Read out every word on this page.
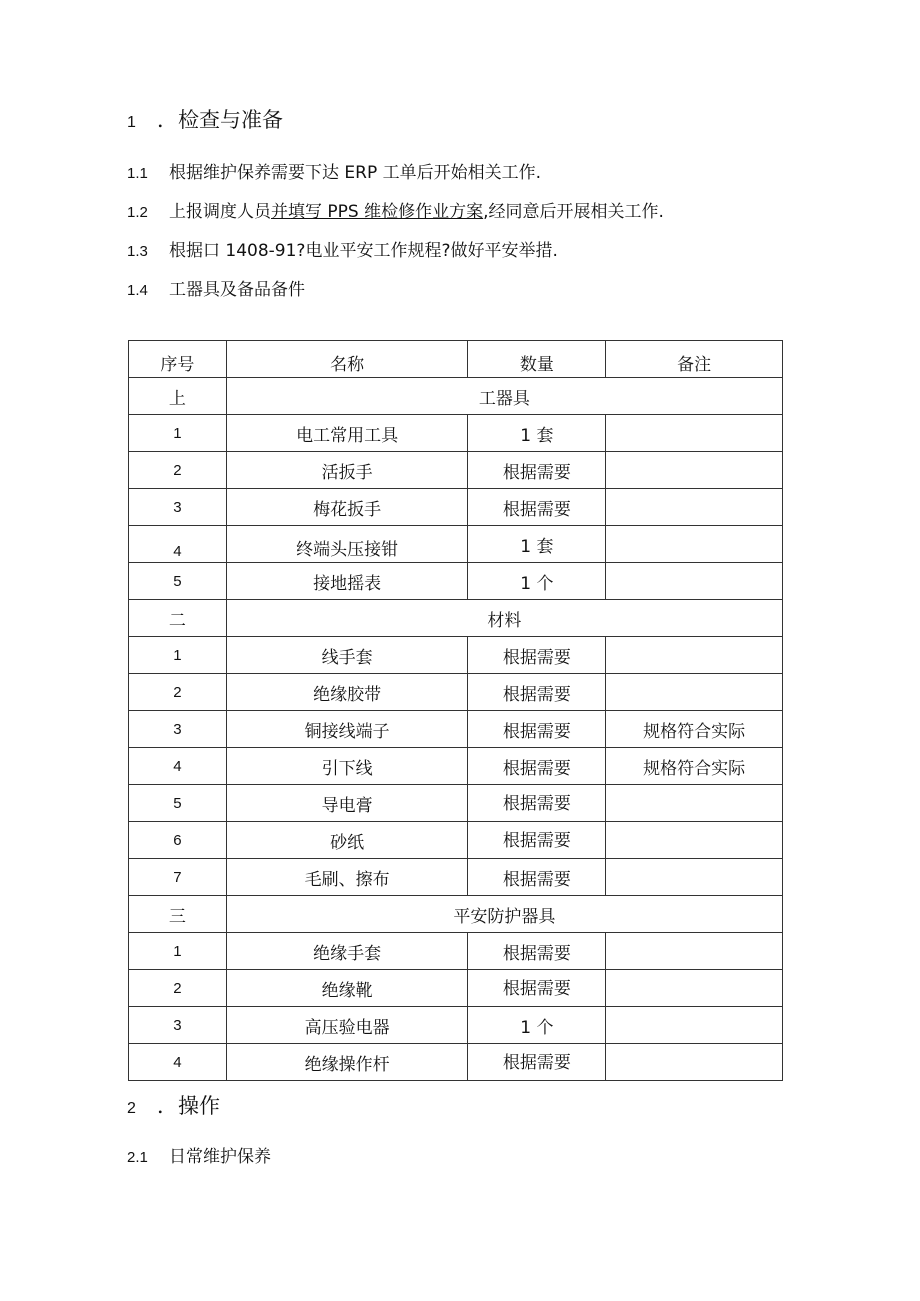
1 ．检查与准备
1.1 根据维护保养需要下达 ERP 工单后开始相关工作.
1.2 上报调度人员并填写 PPS 维检修作业方案,经同意后开展相关工作.
1.3 根据口 1408-91?电业平安工作规程?做好平安举措.
1.4 工器具及备品备件
序号	名称	数量	备注
上	工器具		
1	电工常用工具	1 套	
2	活扳手	根据需要	
3	梅花扳手	根据需要	
4	终端头压接钳	1 套	
5	接地摇表	1 个	
二	材料		
1	线手套	根据需要	
2	绝缘胶带	根据需要	
3	铜接线端子	根据需要	规格符合实际
4	引下线	根据需要	规格符合实际
5	导电膏	根据需要	
6	砂纸	根据需要	
7	毛刷、擦布	根据需要	
三	平安防护器具		
1	绝缘手套	根据需要	
2	绝缘靴	根据需要	
3	高压验电器	1 个	
4	绝缘操作杆	根据需要	
2 ．操作
2.1 日常维护保养
